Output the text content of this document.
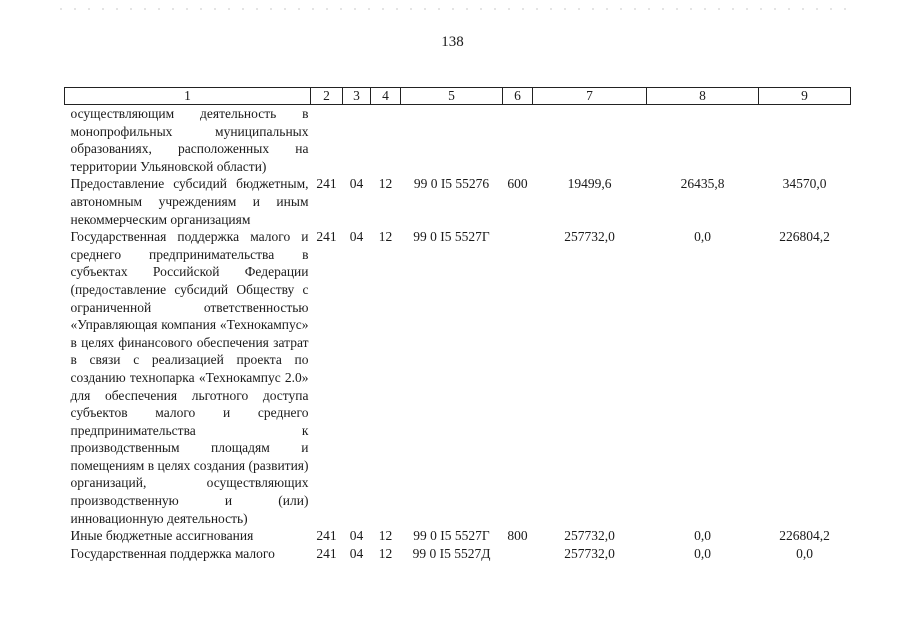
138
1	2	3	4	5	6	7	8	9
осуществляющим деятельность в монопрофильных муниципальных образованиях, расположенных на территории Ульяновской области)								
Предоставление субсидий бюджетным, автономным учреждениям и иным некоммерческим организациям	241	04	12	99 0 I5 55276	600	19499,6	26435,8	34570,0
Государственная поддержка малого и среднего предпринимательства в субъектах Российской Федерации (предоставление субсидий Обществу с ограниченной ответственностью «Управляющая компания «Технокампус» в целях финансового обеспечения затрат в связи с реализацией проекта по созданию технопарка «Технокампус 2.0» для обеспечения льготного доступа субъектов малого и среднего предпринимательства к производственным площадям и помещениям в целях создания (развития) организаций, осуществляющих производственную и (или) инновационную деятельность)	241	04	12	99 0 I5 5527Г		257732,0	0,0	226804,2
Иные бюджетные ассигнования	241	04	12	99 0 I5 5527Г	800	257732,0	0,0	226804,2
Государственная поддержка малого	241	04	12	99 0 I5 5527Д		257732,0	0,0	0,0
